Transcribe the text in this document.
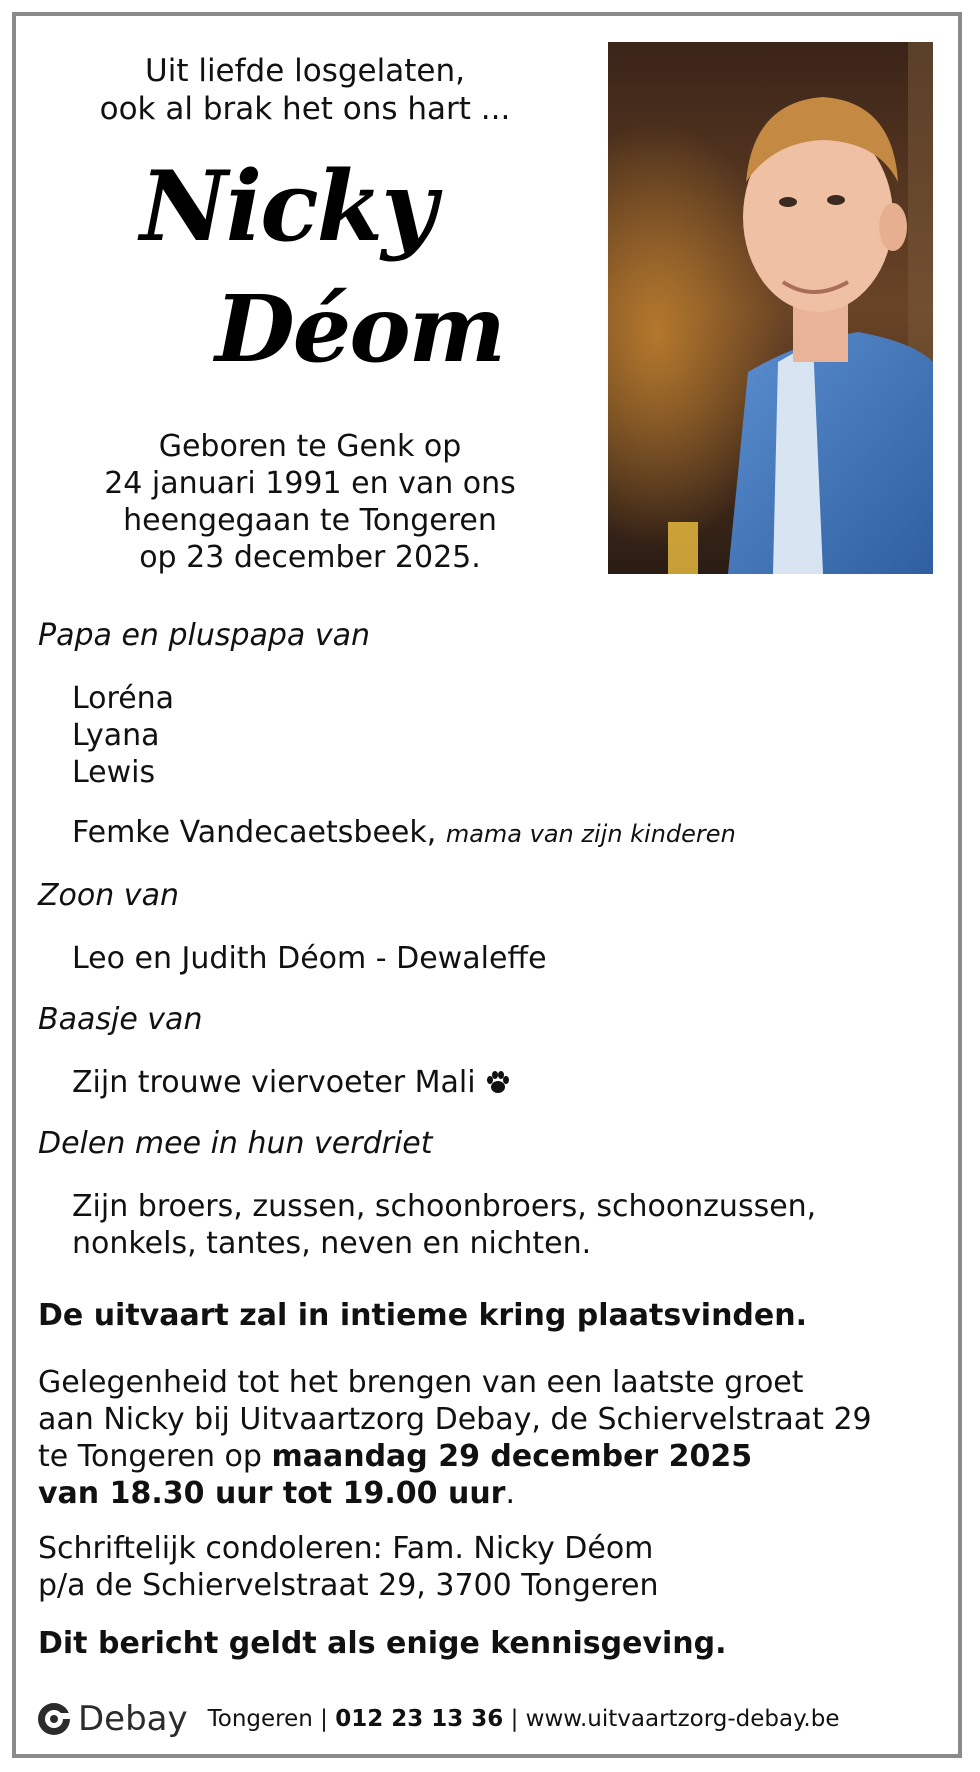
Uit liefde losgelaten,
ook al brak het ons hart ...
Nicky
Déom
Geboren te Genk op
24 januari 1991 en van ons
heengegaan te Tongeren
op 23 december 2025.
Papa en pluspapa van
Loréna
Lyana
Lewis
Femke Vandecaetsbeek, mama van zijn kinderen
Zoon van
Leo en Judith Déom - Dewaleffe
Baasje van
Zijn trouwe viervoeter Mali
Delen mee in hun verdriet
Zijn broers, zussen, schoonbroers, schoonzussen,
nonkels, tantes, neven en nichten.
De uitvaart zal in intieme kring plaatsvinden.
Gelegenheid tot het brengen van een laatste groet
aan Nicky bij Uitvaartzorg Debay, de Schiervelstraat 29
te Tongeren op maandag 29 december 2025
van 18.30 uur tot 19.00 uur.
Schriftelijk condoleren: Fam. Nicky Déom
p/a de Schiervelstraat 29, 3700 Tongeren
Dit bericht geldt als enige kennisgeving.
Debay Tongeren | 012 23 13 36 | www.uitvaartzorg-debay.be
